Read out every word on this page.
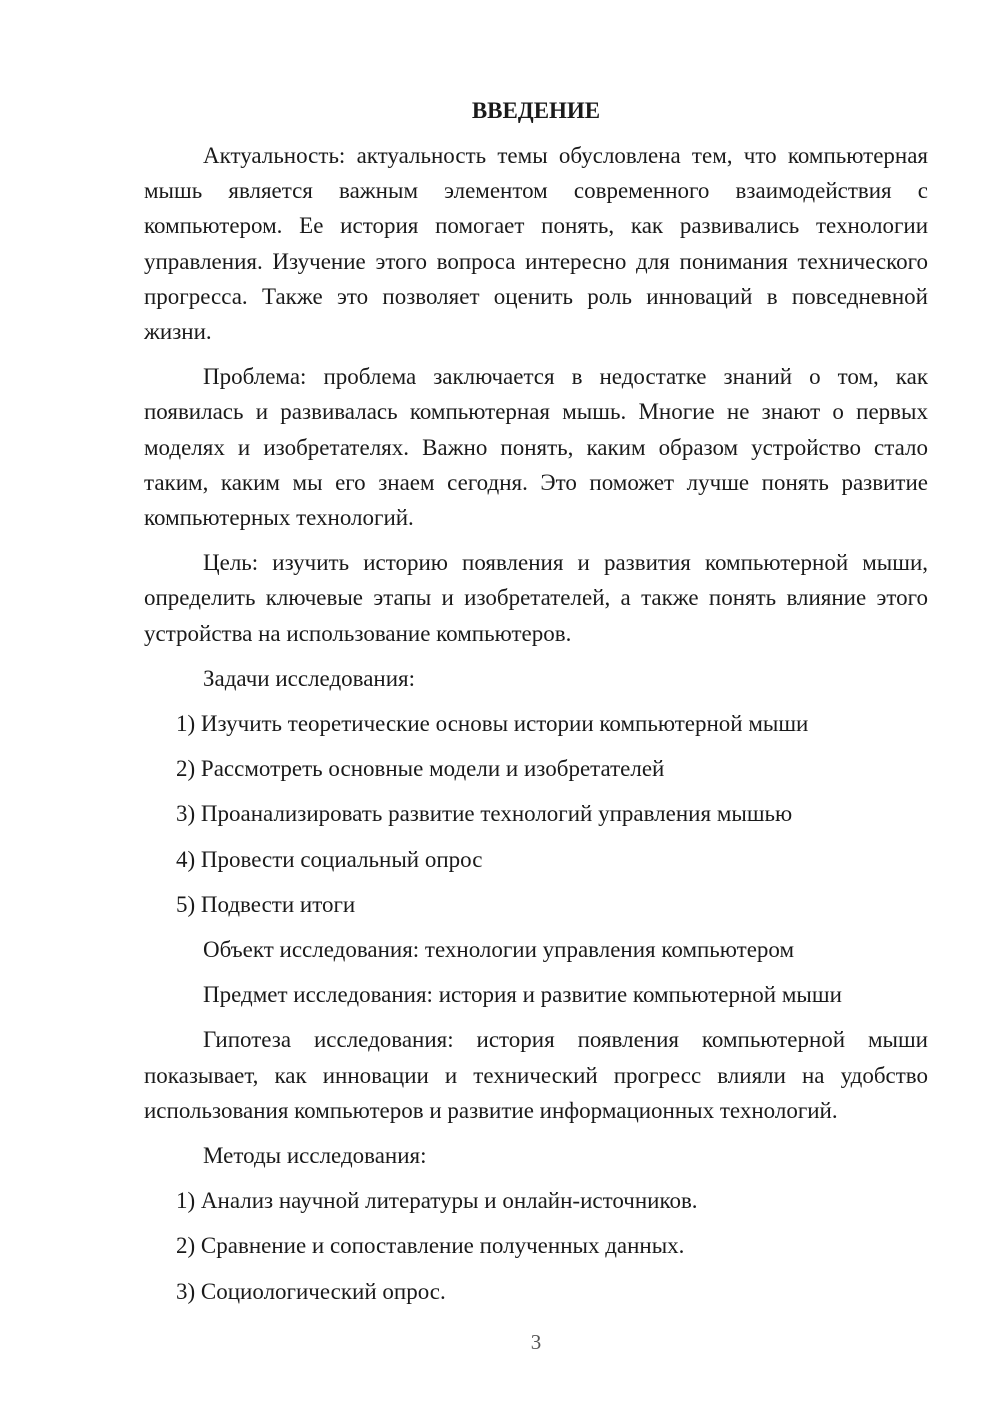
ВВЕДЕНИЕ

Актуальность: актуальность темы обусловлена тем, что компьютерная мышь является важным элементом современного взаимодействия с компьютером. Ее история помогает понять, как развивались технологии управления. Изучение этого вопроса интересно для понимания технического прогресса. Также это позволяет оценить роль инноваций в повседневной жизни.

Проблема: проблема заключается в недостатке знаний о том, как появилась и развивалась компьютерная мышь. Многие не знают о первых моделях и изобретателях. Важно понять, каким образом устройство стало таким, каким мы его знаем сегодня. Это поможет лучше понять развитие компьютерных технологий.

Цель: изучить историю появления и развития компьютерной мыши, определить ключевые этапы и изобретателей, а также понять влияние этого устройства на использование компьютеров.

Задачи исследования:

1) Изучить теоретические основы истории компьютерной мыши

2) Рассмотреть основные модели и изобретателей

3) Проанализировать развитие технологий управления мышью

4) Провести социальный опрос

5) Подвести итоги

Объект исследования: технологии управления компьютером

Предмет исследования: история и развитие компьютерной мыши

Гипотеза исследования: история появления компьютерной мыши показывает, как инновации и технический прогресс влияли на удобство использования компьютеров и развитие информационных технологий.

Методы исследования:

1) Анализ научной литературы и онлайн-источников.

2) Сравнение и сопоставление полученных данных.

3) Социологический опрос.

3
